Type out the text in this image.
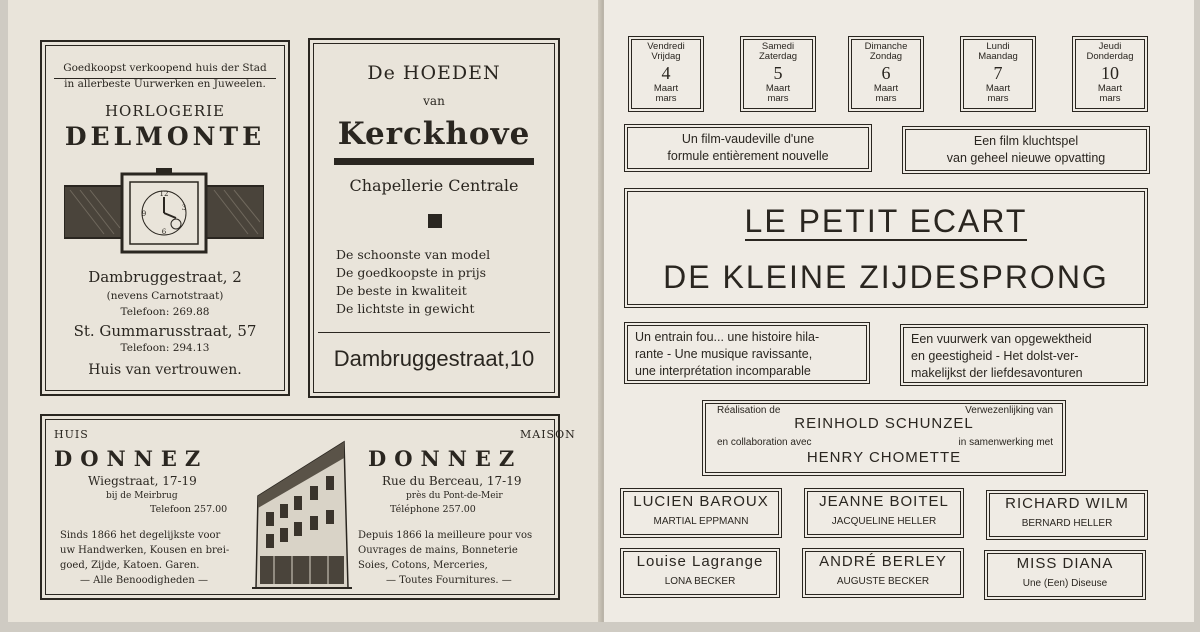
Goedkoopst verkoopend huis der Stad
in allerbeste Uurwerken en Juweelen.
HORLOGERIE
DELMONTE
12
9
3
6
Dambruggestraat, 2
(nevens Carnotstraat)
Telefoon: 269.88
St. Gummarusstraat, 57
Telefoon: 294.13
Huis van vertrouwen.
De HOEDEN
van
Kerckhove
Chapellerie Centrale
De schoonste van model
De goedkoopste in prijs
De beste in kwaliteit
De lichtste in gewicht
Dambruggestraat,10
HUIS
DONNEZ
Wiegstraat, 17-19
bij de Meirbrug
Telefoon 257.00
Sinds 1866 het degelijkste voor
uw Handwerken, Kousen en brei-
goed, Zijde, Katoen. Garen.
— Alle Benoodigheden —
MAISON
DONNEZ
Rue du Berceau, 17-19
près du Pont-de-Meir
Téléphone 257.00
Depuis 1866 la meilleure pour vos
Ouvrages de mains, Bonneterie
Soies, Cotons, Merceries,
— Toutes Fournitures. —
Vendredi
Vrijdag
4
Maart
mars
Samedi
Zaterdag
5
Maart
mars
Dimanche
Zondag
6
Maart
mars
Lundi
Maandag
7
Maart
mars
Jeudi
Donderdag
10
Maart
mars
Un film-vaudeville d'une
formule entièrement nouvelle
Een film kluchtspel
van geheel nieuwe opvatting
LE PETIT ECART
DE KLEINE ZIJDESPRONG
Un entrain fou... une histoire hila-
rante - Une musique ravissante,
une interprétation incomparable
Een vuurwerk van opgewektheid
en geestigheid - Het dolst-ver-
makelijkst der liefdesavonturen
Réalisation de	Verwezenlijking van
REINHOLD SCHUNZEL
en collaboration avec	in samenwerking met
HENRY CHOMETTE
LUCIEN BAROUX
MARTIAL EPPMANN
JEANNE BOITEL
JACQUELINE HELLER
RICHARD WILM
BERNARD HELLER
Louise Lagrange
LONA BECKER
ANDRÉ BERLEY
AUGUSTE BECKER
MISS DIANA
Une (Een) Diseuse
